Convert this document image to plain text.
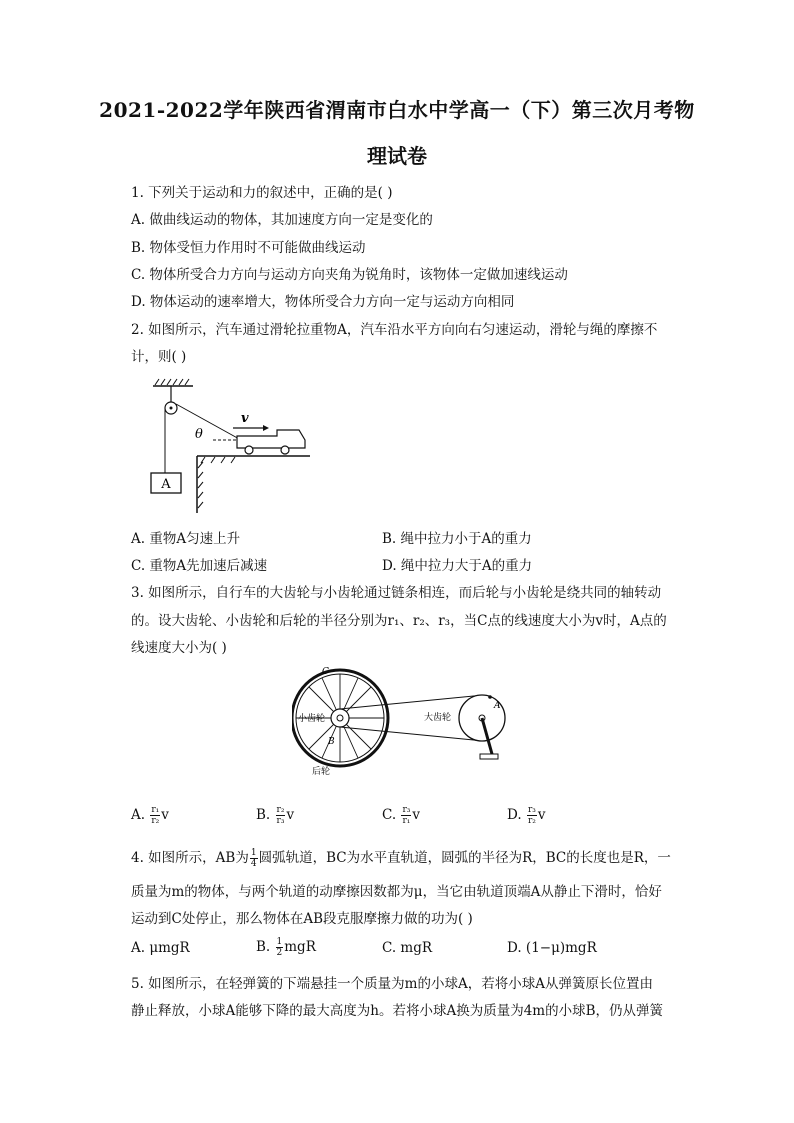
2021-2022学年陕西省渭南市白水中学高一（下）第三次月考物
理试卷
1. 下列关于运动和力的叙述中，正确的是( )
A. 做曲线运动的物体，其加速度方向一定是变化的
B. 物体受恒力作用时不可能做曲线运动
C. 物体所受合力方向与运动方向夹角为锐角时，该物体一定做加速线运动
D. 物体运动的速率增大，物体所受合力方向一定与运动方向相同
2. 如图所示，汽车通过滑轮拉重物A，汽车沿水平方向向右匀速运动，滑轮与绳的摩擦不
计，则( )
A
θ
v
A. 重物A匀速上升	B. 绳中拉力小于A的重力
C. 重物A先加速后减速	D. 绳中拉力大于A的重力
3. 如图所示，自行车的大齿轮与小齿轮通过链条相连，而后轮与小齿轮是绕共同的轴转动
的。设大齿轮、小齿轮和后轮的半径分别为r₁、r₂、r₃，当C点的线速度大小为v时，A点的
线速度大小为( )
A
C
小齿轮	大齿轮
B
后轮
A. $\frac{\text{r₁}}{\text{r₂}}$ v	B. $\frac{\text{r₂}}{\text{r₃}}$ v	C. $\frac{\text{r₃}}{\text{r₁}}$ v	D. $\frac{\text{r₃}}{\text{r₂}}$ v
4. 如图所示，AB为 $\frac{1}{4}$ 圆弧轨道，BC为水平直轨道，圆弧的半径为R，BC的长度也是R，一
质量为m的物体，与两个轨道的动摩擦因数都为μ，当它由轨道顶端A从静止下滑时，恰好
运动到C处停止，那么物体在AB段克服摩擦力做的功为( )
A. μmgR	B. $\frac{1}{2}$ mgR	C. mgR	D. (1−μ)mgR
5. 如图所示，在轻弹簧的下端悬挂一个质量为m的小球A，若将小球A从弹簧原长位置由
静止释放，小球A能够下降的最大高度为h。若将小球A换为质量为4m的小球B，仍从弹簧
